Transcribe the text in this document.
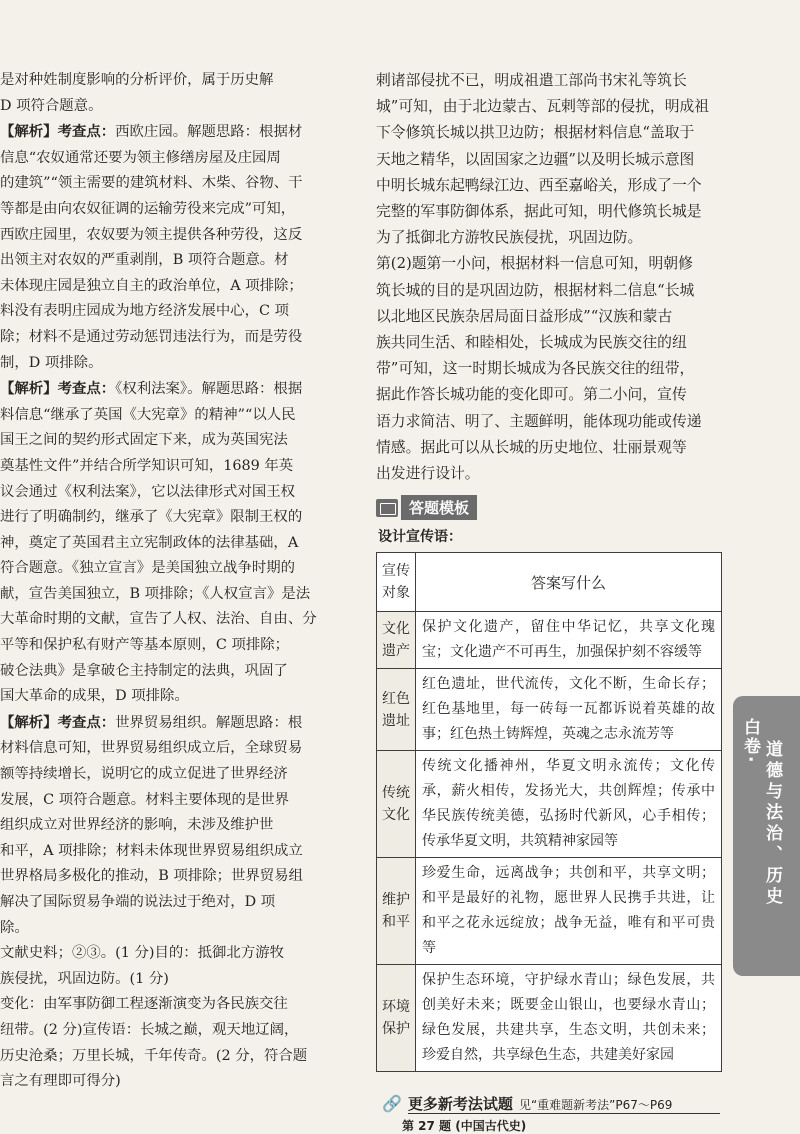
是对种姓制度影响的分析评价，属于历史解

D 项符合题意。

【解析】考查点：西欧庄园。解题思路：根据材

信息“农奴通常还要为领主修缮房屋及庄园周

的建筑”“领主需要的建筑材料、木柴、谷物、干

等都是由向农奴征调的运输劳役来完成”可知，

西欧庄园里，农奴要为领主提供各种劳役，这反

出领主对农奴的严重剥削，B 项符合题意。材

未体现庄园是独立自主的政治单位，A 项排除；

料没有表明庄园成为地方经济发展中心，C 项

除；材料不是通过劳动惩罚违法行为，而是劳役

制，D 项排除。

【解析】考查点：《权利法案》。解题思路：根据

料信息“继承了英国《大宪章》的精神”“以人民

国王之间的契约形式固定下来，成为英国宪法

奠基性文件”并结合所学知识可知，1689 年英

议会通过《权利法案》，它以法律形式对国王权

进行了明确制约，继承了《大宪章》限制王权的

神，奠定了英国君主立宪制政体的法律基础，A

符合题意。《独立宣言》是美国独立战争时期的

献，宣告美国独立，B 项排除；《人权宣言》是法

大革命时期的文献，宣告了人权、法治、自由、分

平等和保护私有财产等基本原则，C 项排除；

破仑法典》是拿破仑主持制定的法典，巩固了

国大革命的成果，D 项排除。

【解析】考查点：世界贸易组织。解题思路：根

材料信息可知，世界贸易组织成立后，全球贸易

额等持续增长，说明它的成立促进了世界经济

发展，C 项符合题意。材料主要体现的是世界

组织成立对世界经济的影响，未涉及维护世

和平，A 项排除；材料未体现世界贸易组织成立

世界格局多极化的推动，B 项排除；世界贸易组

解决了国际贸易争端的说法过于绝对，D 项

除。

文献史料；②③。(1 分)目的：抵御北方游牧

族侵扰，巩固边防。(1 分)

变化：由军事防御工程逐渐演变为各民族交往

纽带。(2 分)宣传语：长城之巅，观天地辽阔，

历史沧桑；万里长城，千年传奇。(2 分，符合题

言之有理即可得分)

剌诸部侵扰不已，明成祖遣工部尚书宋礼等筑长

城”可知，由于北边蒙古、瓦剌等部的侵扰，明成祖

下令修筑长城以拱卫边防；根据材料信息“盖取于

天地之精华，以固国家之边疆”以及明长城示意图

中明长城东起鸭绿江边、西至嘉峪关，形成了一个

完整的军事防御体系，据此可知，明代修筑长城是

为了抵御北方游牧民族侵扰，巩固边防。

第(2)题第一小问，根据材料一信息可知，明朝修

筑长城的目的是巩固边防，根据材料二信息“长城

以北地区民族杂居局面日益形成”“汉族和蒙古

族共同生活、和睦相处，长城成为民族交往的纽

带”可知，这一时期长城成为各民族交往的纽带，

据此作答长城功能的变化即可。第二小问，宣传

语力求简洁、明了、主题鲜明，能体现功能或传递

情感。据此可以从长城的历史地位、壮丽景观等

出发进行设计。

答题模板
设计宣传语：
宣传对象	答案写什么
文化遗产	保护文化遗产，留住中华记忆，共享文化瑰宝；文化遗产不可再生，加强保护刻不容缓等
红色遗址	红色遗址，世代流传，文化不断，生命长存；红色基地里，每一砖每一瓦都诉说着英雄的故事；红色热土铸辉煌，英魂之志永流芳等
传统文化	传统文化播神州，华夏文明永流传；文化传承，薪火相传，发扬光大，共创辉煌；传承中华民族传统美德，弘扬时代新风，心手相传；传承华夏文明，共筑精神家园等
维护和平	珍爱生命，远离战争；共创和平，共享文明；和平是最好的礼物，愿世界人民携手共进，让和平之花永远绽放；战争无益，唯有和平可贵等
环境保护	保护生态环境，守护绿水青山；绿色发展，共创美好未来；既要金山银山，也要绿水青山；绿色发展，共建共享，生态文明，共创未来；珍爱自然，共享绿色生态，共建美好家园
白卷· 道德与法治、历史
🔗 更多新考法试题 见“重难题新考法”P67～P69
第 27 题 (中国古代史)
